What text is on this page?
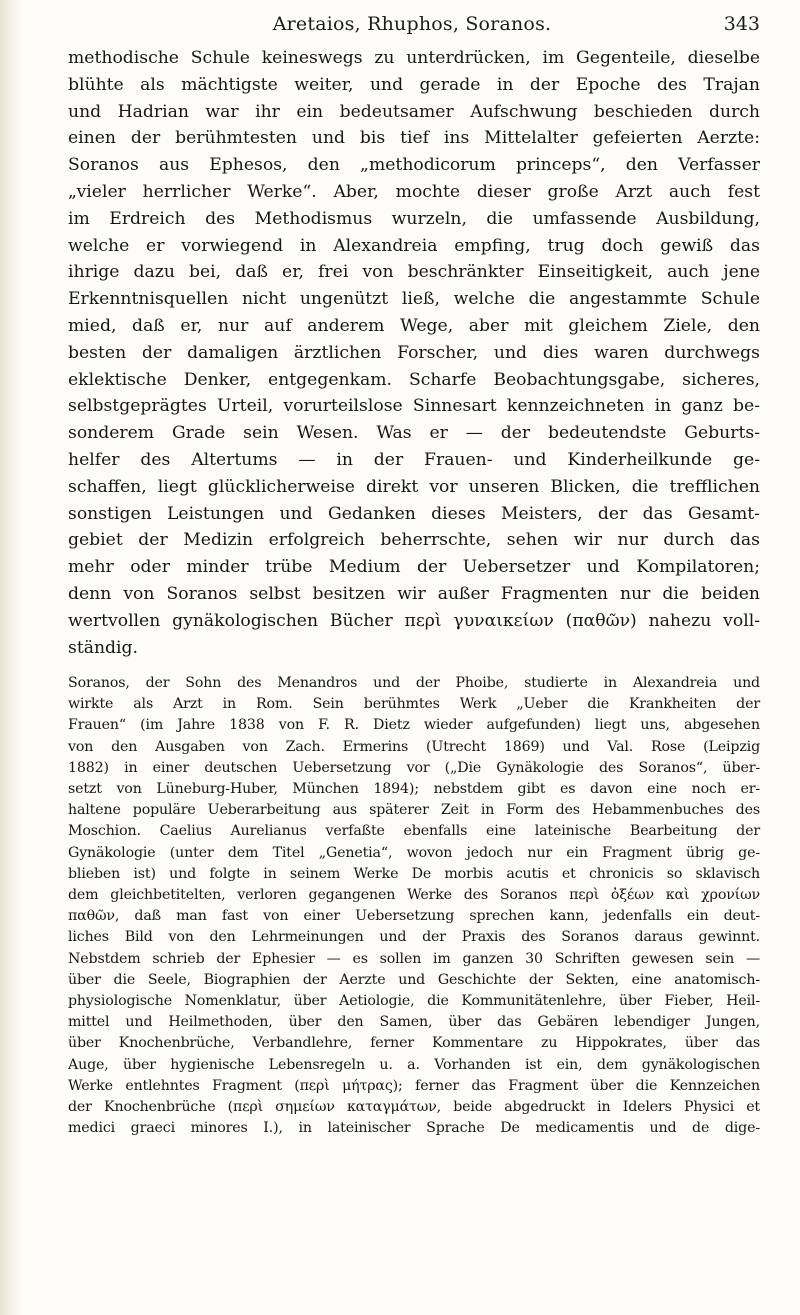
Aretaios, Rhuphos, Soranos.	343
methodische Schule keineswegs zu unterdrücken, im Gegenteile, dieselbe
blühte als mächtigste weiter, und gerade in der Epoche des Trajan
und Hadrian war ihr ein bedeutsamer Aufschwung beschieden durch
einen der berühmtesten und bis tief ins Mittelalter gefeierten Aerzte:
Soranos aus Ephesos, den „methodicorum princeps“, den Verfasser
„vieler herrlicher Werke“. Aber, mochte dieser große Arzt auch fest
im Erdreich des Methodismus wurzeln, die umfassende Ausbildung,
welche er vorwiegend in Alexandreia empfing, trug doch gewiß das
ihrige dazu bei, daß er, frei von beschränkter Einseitigkeit, auch jene
Erkenntnisquellen nicht ungenützt ließ, welche die angestammte Schule
mied, daß er, nur auf anderem Wege, aber mit gleichem Ziele, den
besten der damaligen ärztlichen Forscher, und dies waren durchwegs
eklektische Denker, entgegenkam. Scharfe Beobachtungsgabe, sicheres,
selbstgeprägtes Urteil, vorurteilslose Sinnesart kennzeichneten in ganz be-
sonderem Grade sein Wesen. Was er — der bedeutendste Geburts-
helfer des Altertums — in der Frauen- und Kinderheilkunde ge-
schaffen, liegt glücklicherweise direkt vor unseren Blicken, die trefflichen
sonstigen Leistungen und Gedanken dieses Meisters, der das Gesamt-
gebiet der Medizin erfolgreich beherrschte, sehen wir nur durch das
mehr oder minder trübe Medium der Uebersetzer und Kompilatoren;
denn von Soranos selbst besitzen wir außer Fragmenten nur die beiden
wertvollen gynäkologischen Bücher περὶ γυναικείων (παθῶν) nahezu voll-
ständig.
Soranos, der Sohn des Menandros und der Phoibe, studierte in Alexandreia und
wirkte als Arzt in Rom. Sein berühmtes Werk „Ueber die Krankheiten der
Frauen“ (im Jahre 1838 von F. R. Dietz wieder aufgefunden) liegt uns, abgesehen
von den Ausgaben von Zach. Ermerins (Utrecht 1869) und Val. Rose (Leipzig
1882) in einer deutschen Uebersetzung vor („Die Gynäkologie des Soranos“, über-
setzt von Lüneburg-Huber, München 1894); nebstdem gibt es davon eine noch er-
haltene populäre Ueberarbeitung aus späterer Zeit in Form des Hebammenbuches des
Moschion. Caelius Aurelianus verfaßte ebenfalls eine lateinische Bearbeitung der
Gynäkologie (unter dem Titel „Genetia“, wovon jedoch nur ein Fragment übrig ge-
blieben ist) und folgte in seinem Werke De morbis acutis et chronicis so sklavisch
dem gleichbetitelten, verloren gegangenen Werke des Soranos περὶ ὀξέων καὶ χρονίων
παθῶν, daß man fast von einer Uebersetzung sprechen kann, jedenfalls ein deut-
liches Bild von den Lehrmeinungen und der Praxis des Soranos daraus gewinnt.
Nebstdem schrieb der Ephesier — es sollen im ganzen 30 Schriften gewesen sein —
über die Seele, Biographien der Aerzte und Geschichte der Sekten, eine anatomisch-
physiologische Nomenklatur, über Aetiologie, die Kommunitätenlehre, über Fieber, Heil-
mittel und Heilmethoden, über den Samen, über das Gebären lebendiger Jungen,
über Knochenbrüche, Verbandlehre, ferner Kommentare zu Hippokrates, über das
Auge, über hygienische Lebensregeln u. a. Vorhanden ist ein, dem gynäkologischen
Werke entlehntes Fragment (περὶ μήτρας); ferner das Fragment über die Kennzeichen
der Knochenbrüche (περὶ σημείων καταγμάτων, beide abgedruckt in Idelers Physici et
medici graeci minores I.), in lateinischer Sprache De medicamentis und de dige-
